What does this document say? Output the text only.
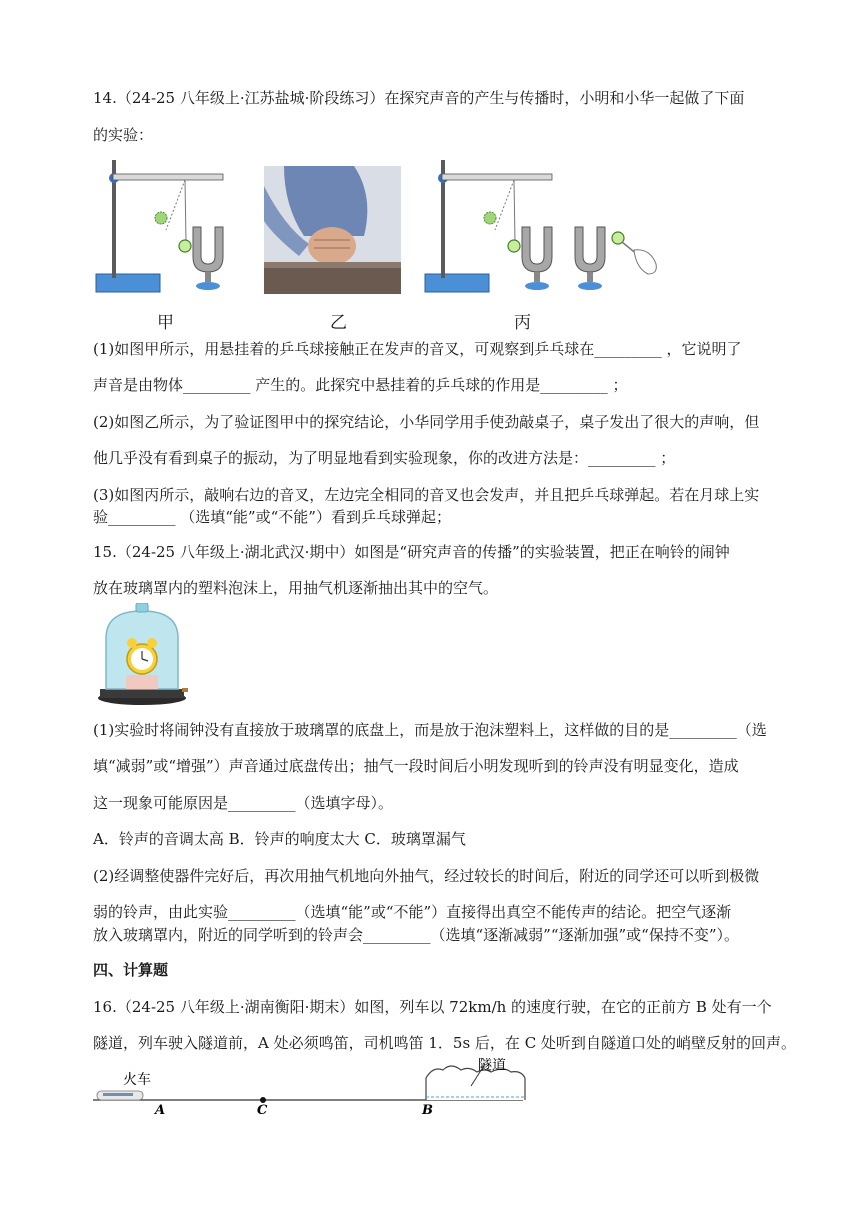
14.（24-25 八年级上·江苏盐城·阶段练习）在探究声音的产生与传播时，小明和小华一起做了下面
的实验：
甲	乙	丙
(1)如图甲所示，用悬挂着的乒乓球接触正在发声的音叉，可观察到乒乓球在_________ ，它说明了
声音是由物体_________ 产生的。此探究中悬挂着的乒乓球的作用是_________ ；
(2)如图乙所示，为了验证图甲中的探究结论，小华同学用手使劲敲桌子，桌子发出了很大的声响，但
他几乎没有看到桌子的振动，为了明显地看到实验现象，你的改进方法是：_________ ；
(3)如图丙所示，敲响右边的音叉，左边完全相同的音叉也会发声，并且把乒乓球弹起。若在月球上实
验_________ （选填“能”或“不能”）看到乒乓球弹起；
15.（24-25 八年级上·湖北武汉·期中）如图是“研究声音的传播”的实验装置，把正在响铃的闹钟
放在玻璃罩内的塑料泡沫上，用抽气机逐渐抽出其中的空气。
(1)实验时将闹钟没有直接放于玻璃罩的底盘上，而是放于泡沫塑料上，这样做的目的是_________（选
填“减弱”或“增强”）声音通过底盘传出；抽气一段时间后小明发现听到的铃声没有明显变化，造成
这一现象可能原因是_________（选填字母）。
A．铃声的音调太高 B．铃声的响度太大 C．玻璃罩漏气
(2)经调整使器件完好后，再次用抽气机地向外抽气，经过较长的时间后，附近的同学还可以听到极微
弱的铃声，由此实验_________（选填“能”或“不能”）直接得出真空不能传声的结论。把空气逐渐
放入玻璃罩内，附近的同学听到的铃声会_________（选填“逐渐减弱”“逐渐加强”或“保持不变”）。
四、计算题
16.（24-25 八年级上·湖南衡阳·期末）如图，列车以 72km/h 的速度行驶，在它的正前方 B 处有一个
隧道，列车驶入隧道前，A 处必须鸣笛，司机鸣笛 1．5s 后，在 C 处听到自隧道口处的峭壁反射的回声。
火车
A	C
隧道
B
